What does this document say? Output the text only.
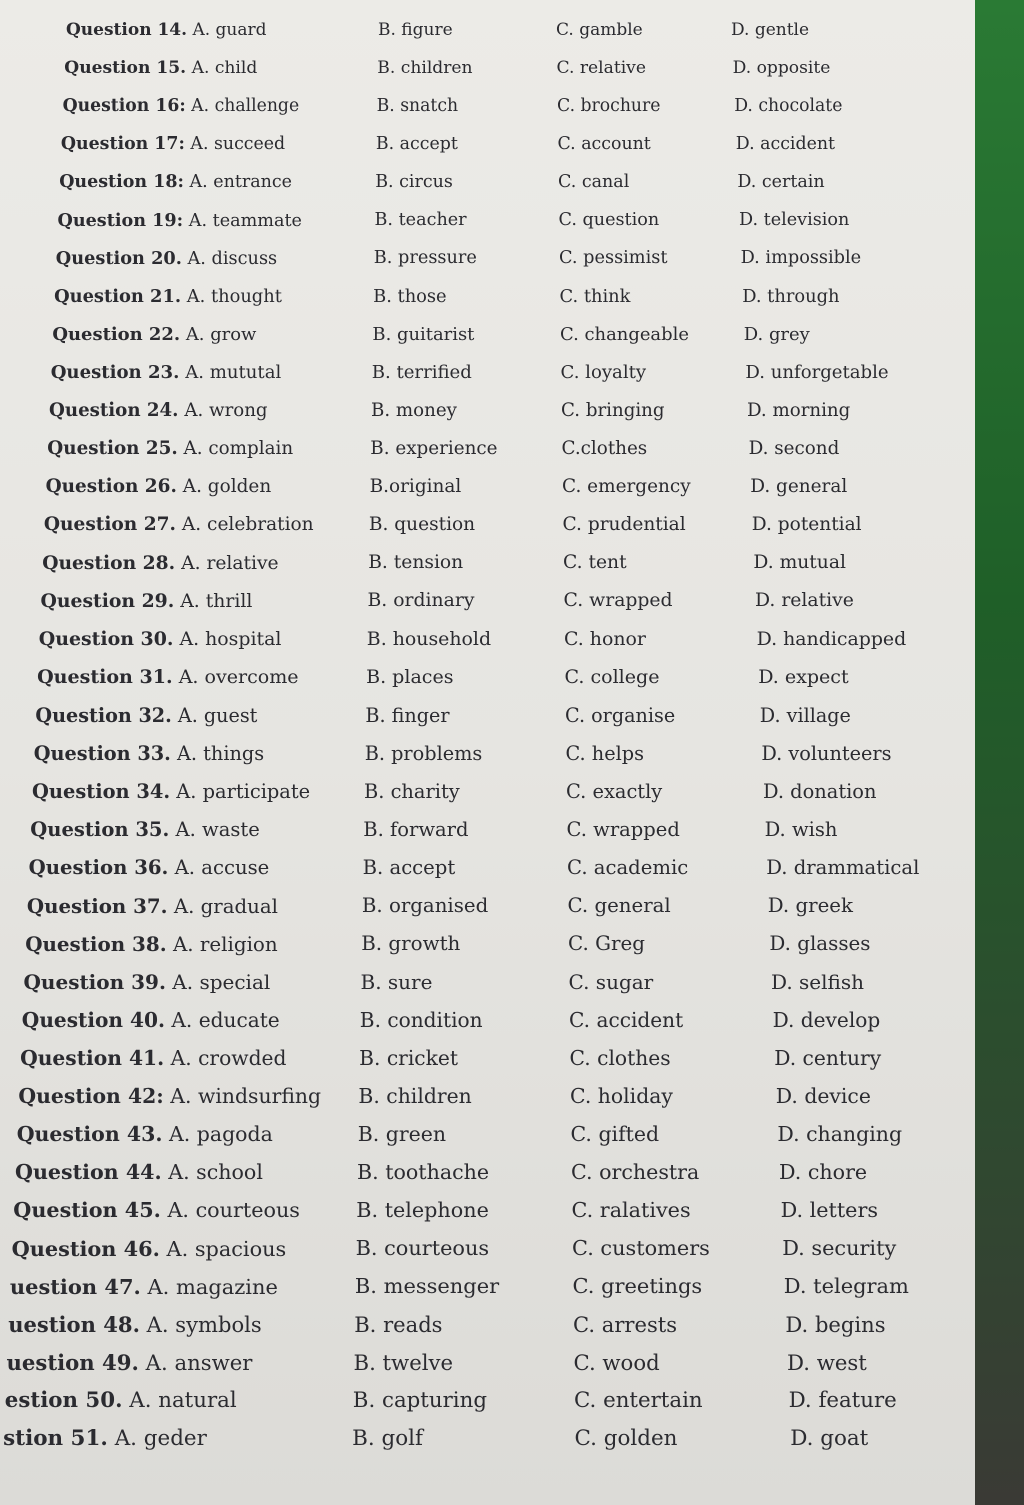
Question 14. A. guard	B. figure	C. gamble	D. gentle
Question 15. A. child	B. children	C. relative	D. opposite
Question 16: A. challenge	B. snatch	C. brochure	D. chocolate
Question 17: A. succeed	B. accept	C. account	D. accident
Question 18: A. entrance	B. circus	C. canal	D. certain
Question 19: A. teammate	B. teacher	C. question	D. television
Question 20. A. discuss	B. pressure	C. pessimist	D. impossible
Question 21. A. thought	B. those	C. think	D. through
Question 22. A. grow	B. guitarist	C. changeable	D. grey
Question 23. A. mututal	B. terrified	C. loyalty	D. unforgetable
Question 24. A. wrong	B. money	C. bringing	D. morning
Question 25. A. complain	B. experience	C.clothes	D. second
Question 26. A. golden	B.original	C. emergency	D. general
Question 27. A. celebration	B. question	C. prudential	D. potential
Question 28. A. relative	B. tension	C. tent	D. mutual
Question 29. A. thrill	B. ordinary	C. wrapped	D. relative
Question 30. A. hospital	B. household	C. honor	D. handicapped
Question 31. A. overcome	B. places	C. college	D. expect
Question 32. A. guest	B. finger	C. organise	D. village
Question 33. A. things	B. problems	C. helps	D. volunteers
Question 34. A. participate	B. charity	C. exactly	D. donation
Question 35. A. waste	B. forward	C. wrapped	D. wish
Question 36. A. accuse	B. accept	C. academic	D. drammatical
Question 37. A. gradual	B. organised	C. general	D. greek
Question 38. A. religion	B. growth	C. Greg	D. glasses
Question 39. A. special	B. sure	C. sugar	D. selfish
Question 40. A. educate	B. condition	C. accident	D. develop
Question 41. A. crowded	B. cricket	C. clothes	D. century
Question 42: A. windsurfing B. children	C. holiday	D. device
Question 43. A. pagoda	B. green	C. gifted	D. changing
Question 44. A. school	B. toothache	C. orchestra	D. chore
Question 45. A. courteous	B. telephone	C. ralatives	D. letters
Question 46. A. spacious	B. courteous	C. customers	D. security
uestion 47. A. magazine	B. messenger	C. greetings	D. telegram
uestion 48. A. symbols	B. reads	C. arrests	D. begins
uestion 49. A. answer	B. twelve	C. wood	D. west
estion 50. A. natural	B. capturing	C. entertain	D. feature
stion 51. A. geder	B. golf	C. golden	D. goat
